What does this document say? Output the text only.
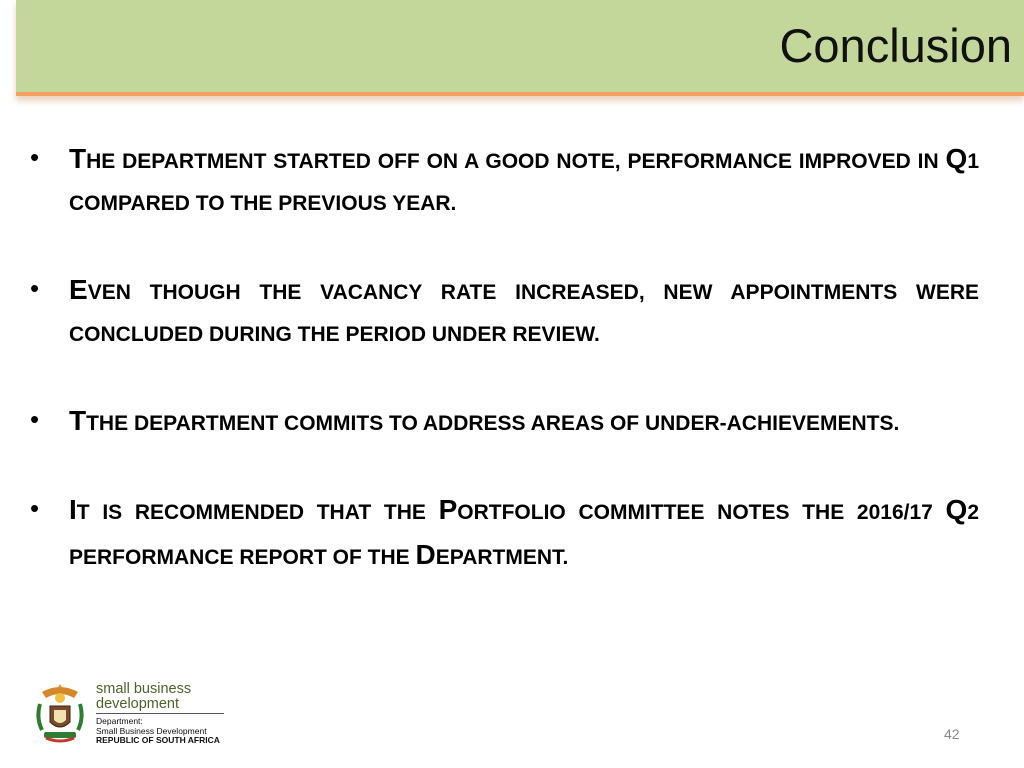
Conclusion
• THE DEPARTMENT STARTED OFF ON A GOOD NOTE, PERFORMANCE IMPROVED IN Q1 COMPARED TO THE PREVIOUS YEAR.

• EVEN THOUGH THE VACANCY RATE INCREASED, NEW APPOINTMENTS WERE CONCLUDED DURING THE PERIOD UNDER REVIEW.

• TTHE DEPARTMENT COMMITS TO ADDRESS AREAS OF UNDER-ACHIEVEMENTS.

• IT IS RECOMMENDED THAT THE PORTFOLIO COMMITTEE NOTES THE 2016/17 Q2 PERFORMANCE REPORT OF THE DEPARTMENT.

small business
development
Department:
Small Business Development
REPUBLIC OF SOUTH AFRICA	42
